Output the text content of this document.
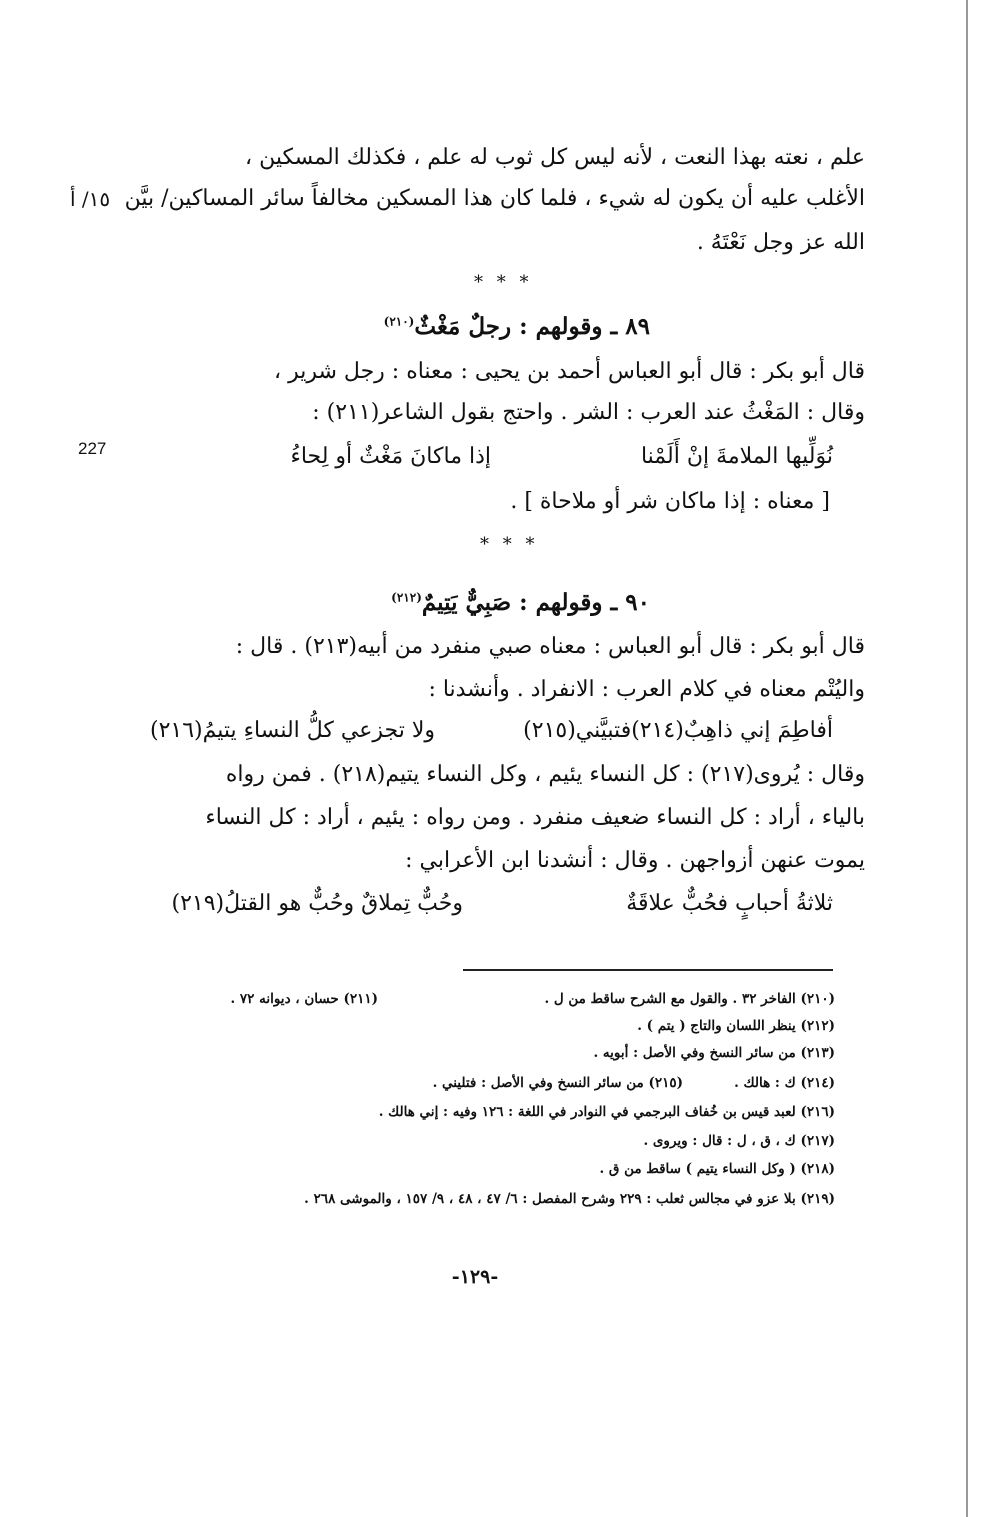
علم ، نعته بهذا النعت ، لأنه ليس كل ثوب له علم ، فكذلك المسكين ،
الأغلب عليه أن يكون له شيء ، فلما كان هذا المسكين مخالفاً سائر المساكين/ بيَّن
الله عز وجل نَعْتَهُ .
١٥/ أ
* * *
٨٩ ـ وقولهم : رجلٌ مَغْثٌ$^{(٢١٠)}$
قال أبو بكر : قال أبو العباس أحمد بن يحيى : معناه : رجل شرير ،
وقال : المَغْثُ عند العرب : الشر . واحتج بقول الشاعر(٢١١) :
227	نُوَلِّيها الملامةَ إنْ أَلَمْنا
إذا ماكانَ مَغْثٌ أو لِحاءُ
[ معناه : إذا ماكان شر أو ملاحاة ] .
* * *
٩٠ ـ وقولهم : صَبِيٌّ يَتِيمٌ$^{(٢١٢)}$
قال أبو بكر : قال أبو العباس : معناه صبي منفرد من أبيه(٢١٣) . قال :
واليُتْم معناه في كلام العرب : الانفراد . وأنشدنا :
أفاطِمَ إني ذاهِبٌ(٢١٤)فتبيَّني(٢١٥)
ولا تجزعي كلُّ النساءِ يتيمُ(٢١٦)
وقال : يُروى(٢١٧) : كل النساء يئيم ، وكل النساء يتيم(٢١٨) . فمن رواه
بالياء ، أراد : كل النساء ضعيف منفرد . ومن رواه : يئيم ، أراد : كل النساء
يموت عنهن أزواجهن . وقال : أنشدنا ابن الأعرابي :
ثلاثةُ أحبابٍ فحُبٌّ علاقَةٌ
وحُبٌّ تِملاقٌ وحُبٌّ هو القتلُ(٢١٩)
(٢١٠) الفاخر ٣٢ . والقول مع الشرح ساقط من ل .
(٢١١) حسان ، ديوانه ٧٢ .
(٢١٢) ينظر اللسان والتاج ( يتم ) .
(٢١٣) من سائر النسخ وفي الأصل : أبويه .
(٢١٤) ك : هالك .
(٢١٥) من سائر النسخ وفي الأصل : فتليني .
(٢١٦) لعبد قيس بن خُفاف البرجمي في النوادر في اللغة : ١٢٦ وفيه : إني هالك .
(٢١٧) ك ، ق ، ل : قال : ويروى .
(٢١٨) ( وكل النساء يتيم ) ساقط من ق .
(٢١٩) بلا عزو في مجالس ثعلب : ٢٢٩ وشرح المفصل : ٦/ ٤٧ ، ٤٨ ، ٩/ ١٥٧ ، والموشى ٢٦٨ .
-١٢٩-
